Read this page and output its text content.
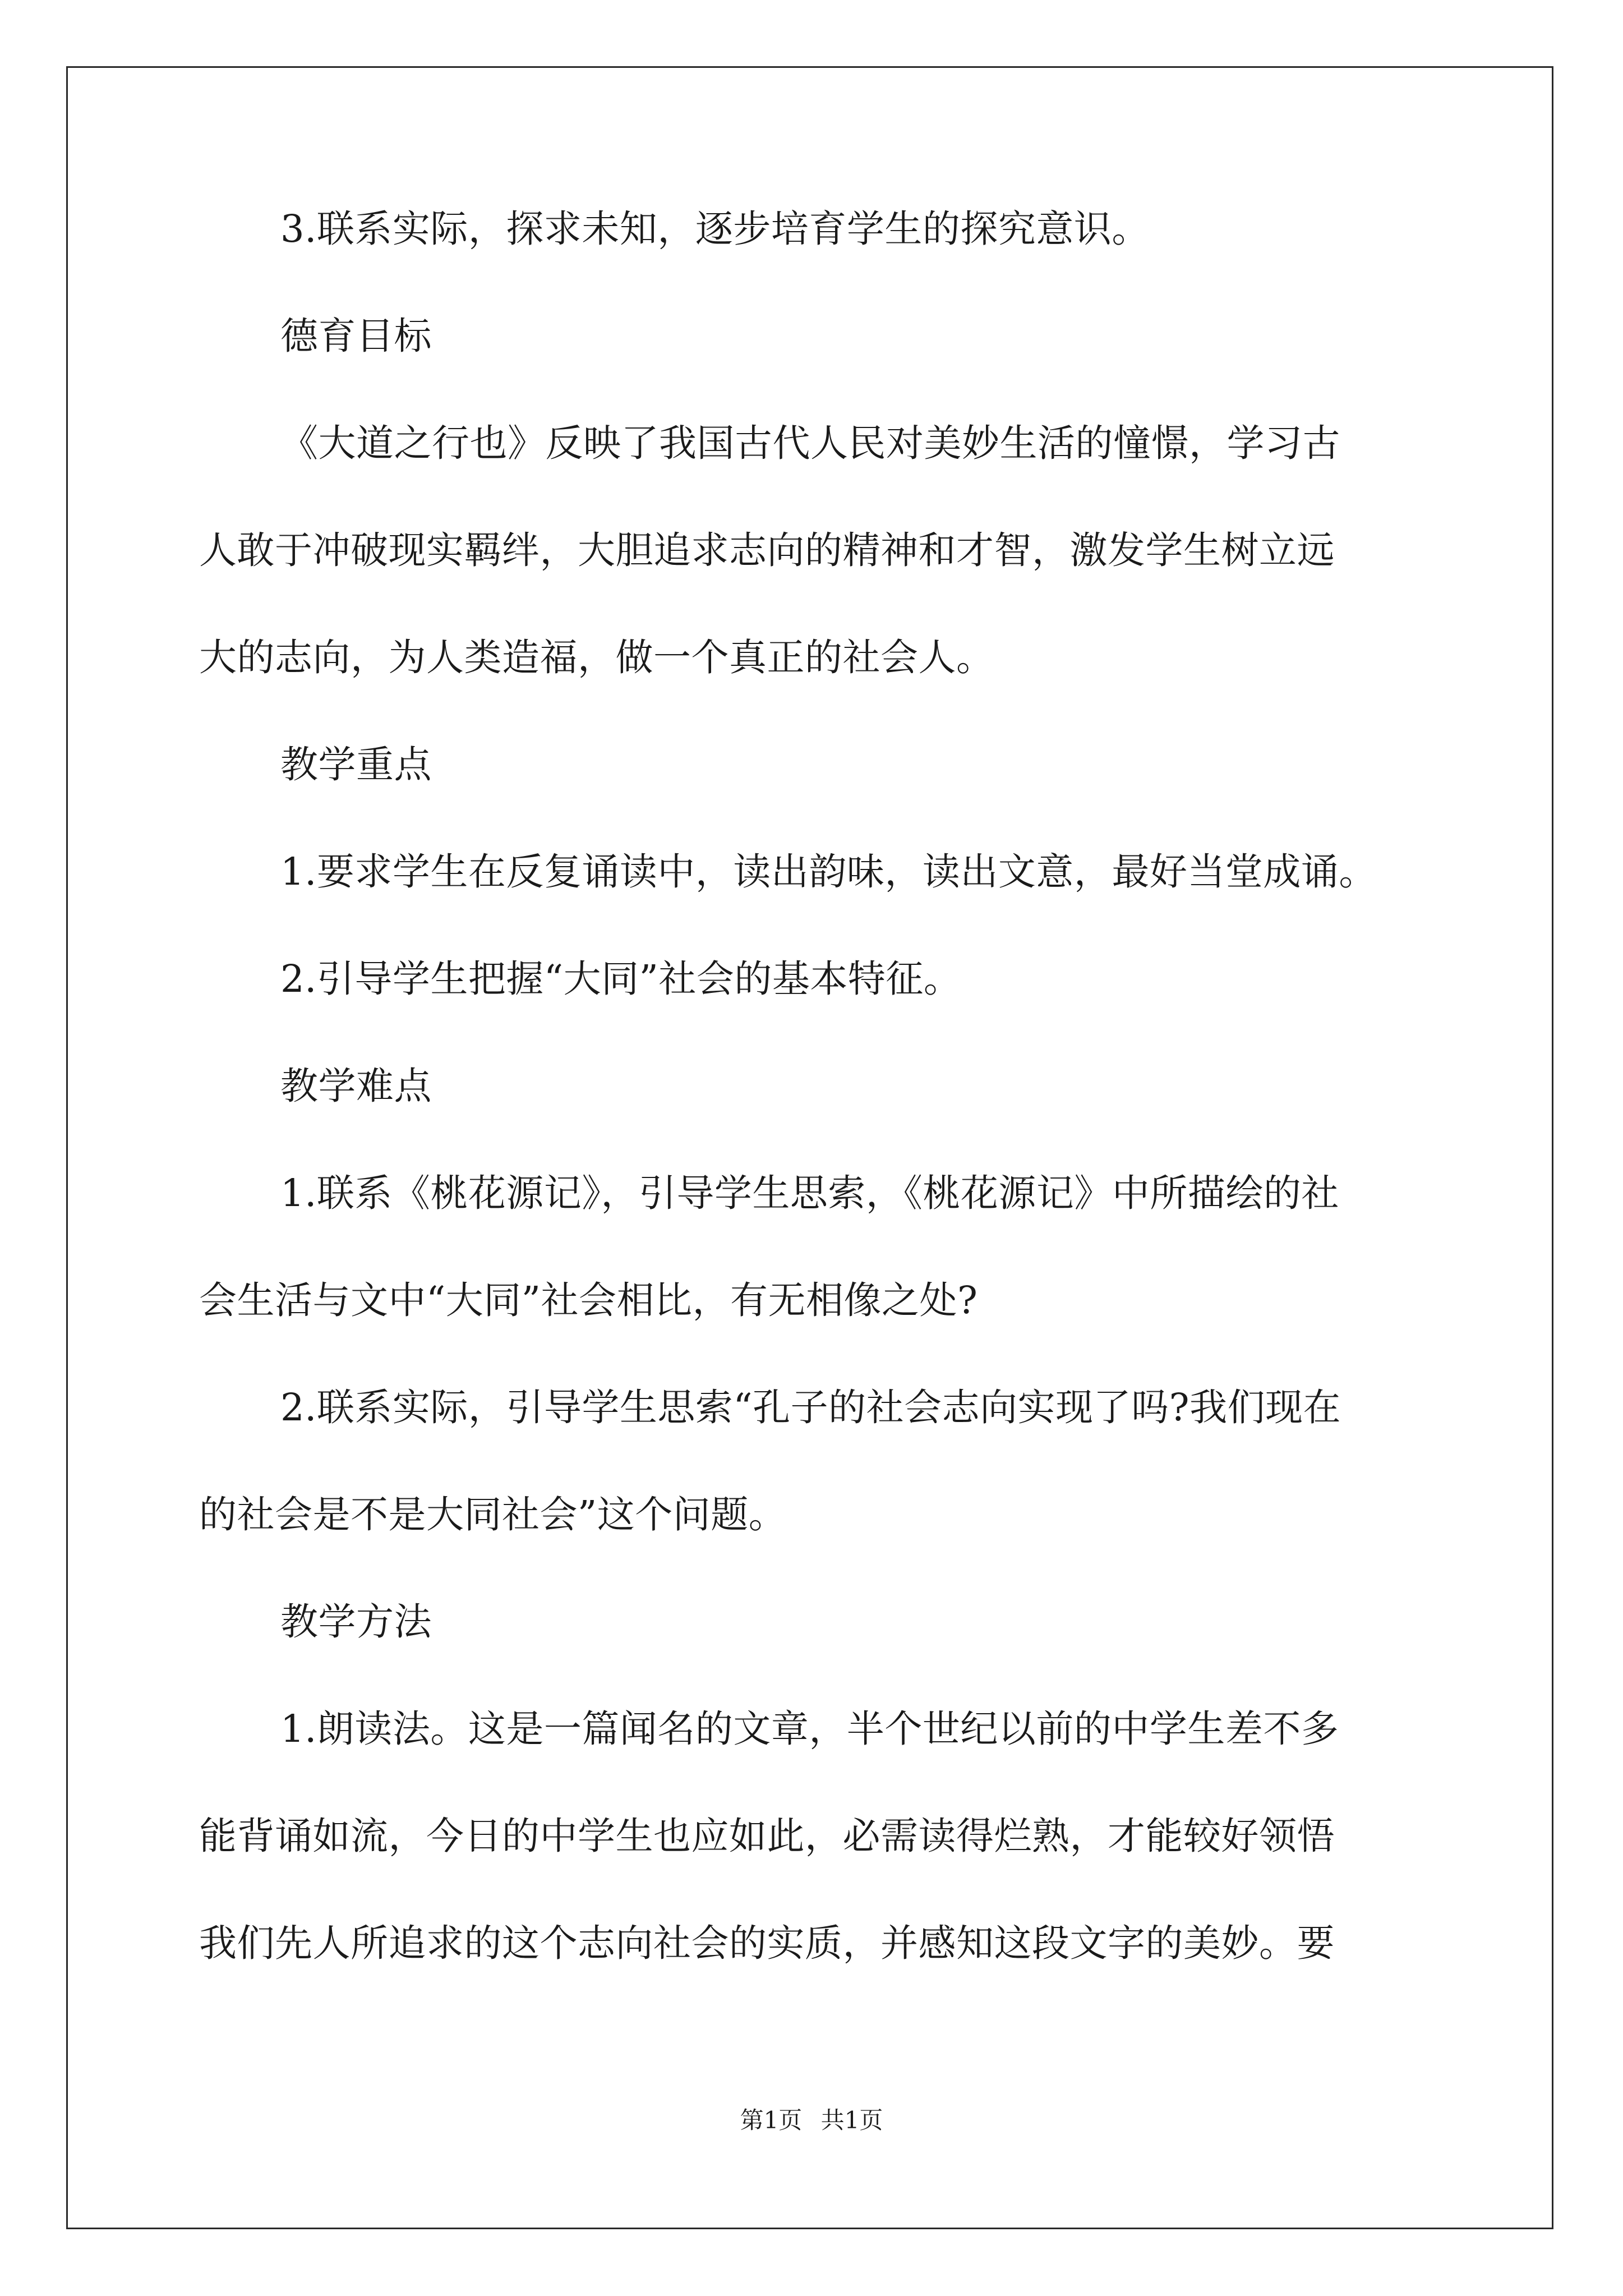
3.联系实际，探求未知，逐步培育学生的探究意识。
德育目标
《大道之行也》反映了我国古代人民对美妙生活的憧憬，学习古
人敢于冲破现实羁绊，大胆追求志向的精神和才智，激发学生树立远
大的志向，为人类造福，做一个真正的社会人。
教学重点
1.要求学生在反复诵读中，读出韵味，读出文意，最好当堂成诵。
2.引导学生把握“大同”社会的基本特征。
教学难点
1.联系《桃花源记》，引导学生思索，《桃花源记》中所描绘的社
会生活与文中“大同”社会相比，有无相像之处?
2.联系实际，引导学生思索“孔子的社会志向实现了吗?我们现在
的社会是不是大同社会”这个问题。
教学方法
1.朗读法。这是一篇闻名的文章，半个世纪以前的中学生差不多
能背诵如流，今日的中学生也应如此，必需读得烂熟，才能较好领悟
我们先人所追求的这个志向社会的实质，并感知这段文字的美妙。要
第1页 共1页
